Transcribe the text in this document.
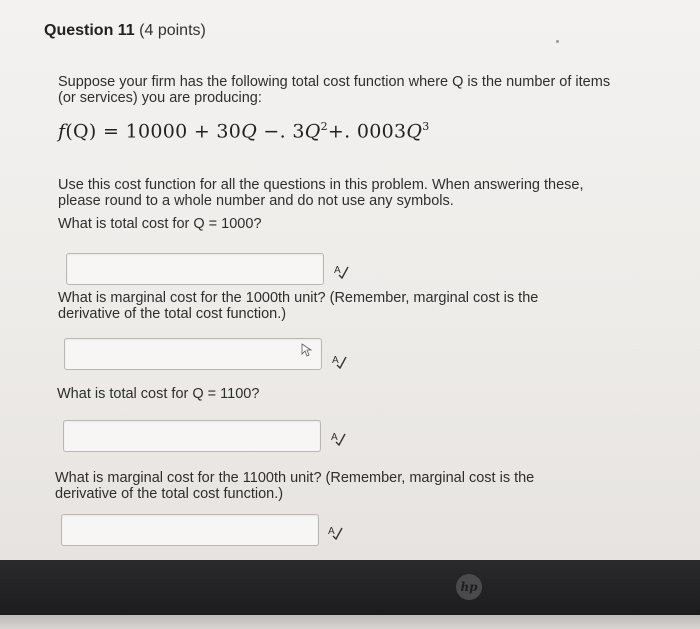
Question 11 (4 points)
Suppose your firm has the following total cost function where Q is the number of items (or services) you are producing:
f(Q) = 10000 + 30Q −. $3Q^2+$. $0003Q^3$
Use this cost function for all the questions in this problem. When answering these, please round to a whole number and do not use any symbols.
What is total cost for Q = 1000?
A
What is marginal cost for the 1000th unit? (Remember, marginal cost is the derivative of the total cost function.)
A
What is total cost for Q = 1100?
A
What is marginal cost for the 1100th unit? (Remember, marginal cost is the derivative of the total cost function.)
A
hp
